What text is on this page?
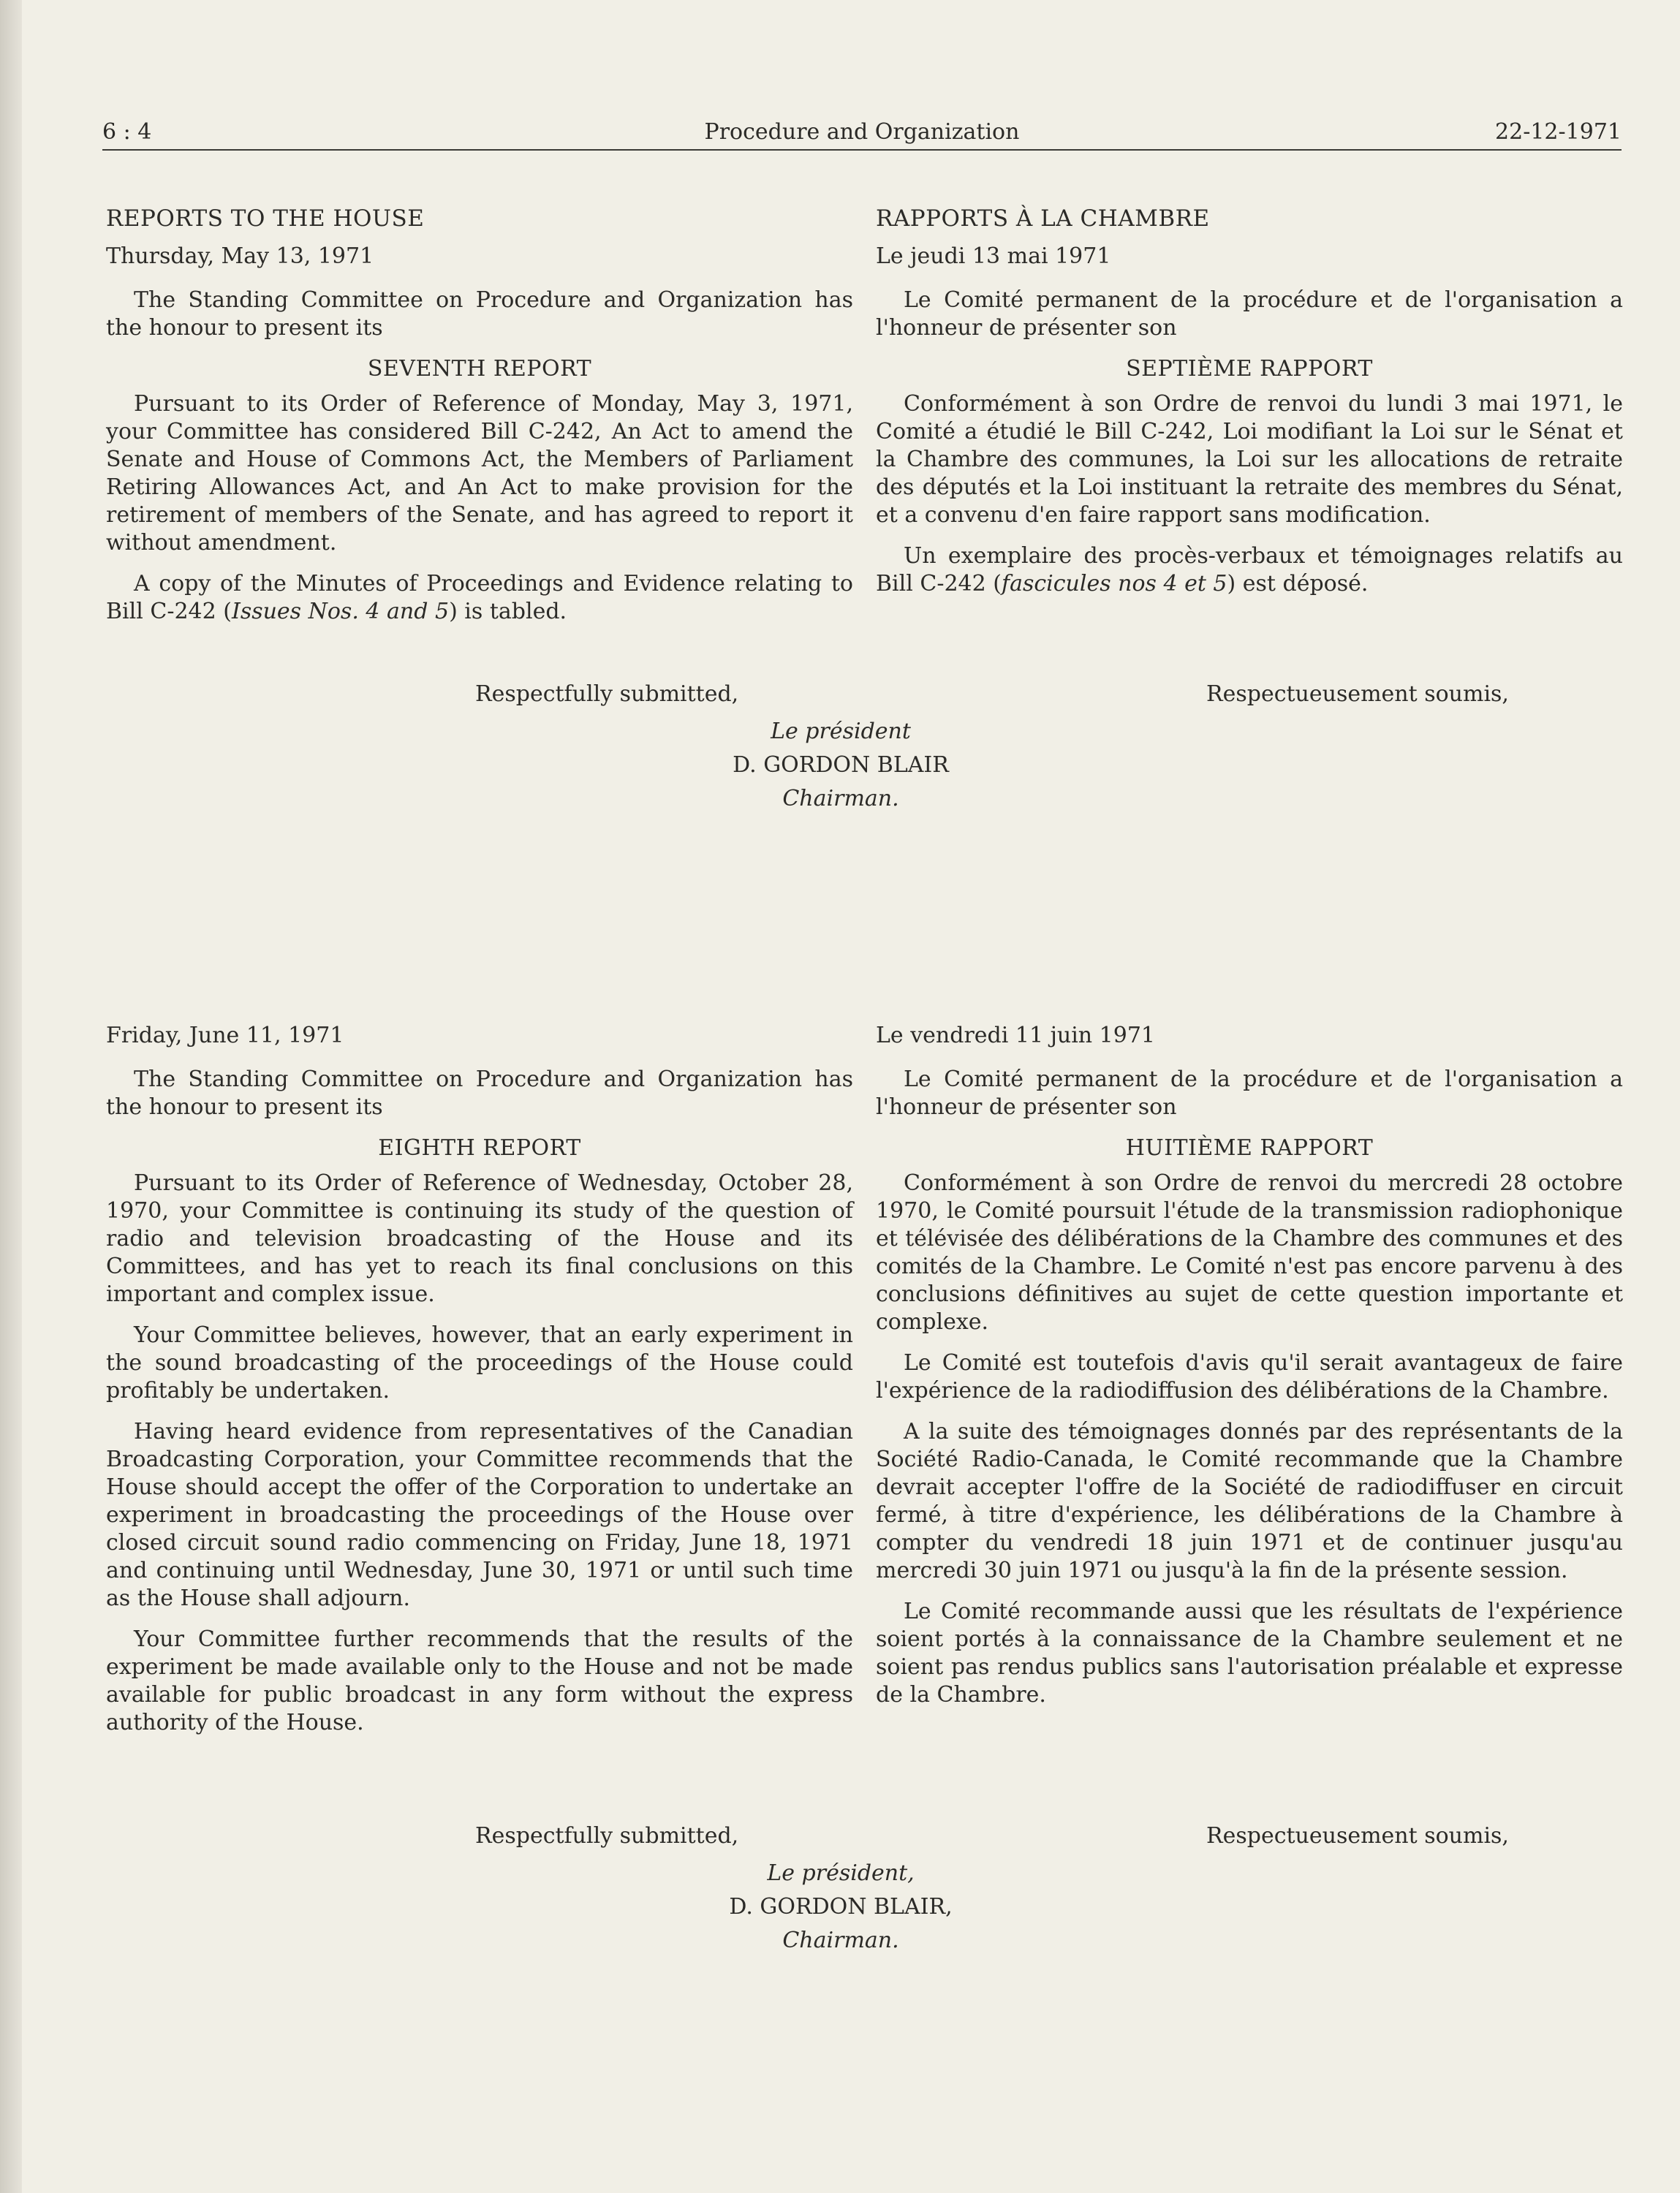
6 : 4	Procedure and Organization	22-12-1971
REPORTS TO THE HOUSE
Thursday, May 13, 1971

The Standing Committee on Procedure and Organization has the honour to present its

SEVENTH REPORT

Pursuant to its Order of Reference of Monday, May 3, 1971, your Committee has considered Bill C-242, An Act to amend the Senate and House of Commons Act, the Members of Parliament Retiring Allowances Act, and An Act to make provision for the retirement of members of the Senate, and has agreed to report it without amendment.

A copy of the Minutes of Proceedings and Evidence relating to Bill C-242 (Issues Nos. 4 and 5) is tabled.

Respectfully submitted,
RAPPORTS À LA CHAMBRE
Le jeudi 13 mai 1971

Le Comité permanent de la procédure et de l'organisation a l'honneur de présenter son

SEPTIÈME RAPPORT

Conformément à son Ordre de renvoi du lundi 3 mai 1971, le Comité a étudié le Bill C-242, Loi modifiant la Loi sur le Sénat et la Chambre des communes, la Loi sur les allocations de retraite des députés et la Loi instituant la retraite des membres du Sénat, et a convenu d'en faire rapport sans modification.

Un exemplaire des procès-verbaux et témoignages relatifs au Bill C-242 (fascicules nos 4 et 5) est déposé.

Respectueusement soumis,
Le président
D. GORDON BLAIR
Chairman.
Friday, June 11, 1971

The Standing Committee on Procedure and Organization has the honour to present its

EIGHTH REPORT

Pursuant to its Order of Reference of Wednesday, October 28, 1970, your Committee is continuing its study of the question of radio and television broadcasting of the House and its Committees, and has yet to reach its final conclusions on this important and complex issue.

Your Committee believes, however, that an early experiment in the sound broadcasting of the proceedings of the House could profitably be undertaken.

Having heard evidence from representatives of the Canadian Broadcasting Corporation, your Committee recommends that the House should accept the offer of the Corporation to undertake an experiment in broadcasting the proceedings of the House over closed circuit sound radio commencing on Friday, June 18, 1971 and continuing until Wednesday, June 30, 1971 or until such time as the House shall adjourn.

Your Committee further recommends that the results of the experiment be made available only to the House and not be made available for public broadcast in any form without the express authority of the House.

Respectfully submitted,
Le vendredi 11 juin 1971

Le Comité permanent de la procédure et de l'organisation a l'honneur de présenter son

HUITIÈME RAPPORT

Conformément à son Ordre de renvoi du mercredi 28 octobre 1970, le Comité poursuit l'étude de la transmission radiophonique et télévisée des délibérations de la Chambre des communes et des comités de la Chambre. Le Comité n'est pas encore parvenu à des conclusions définitives au sujet de cette question importante et complexe.

Le Comité est toutefois d'avis qu'il serait avantageux de faire l'expérience de la radiodiffusion des délibérations de la Chambre.

A la suite des témoignages donnés par des représentants de la Société Radio-Canada, le Comité recommande que la Chambre devrait accepter l'offre de la Société de radiodiffuser en circuit fermé, à titre d'expérience, les délibérations de la Chambre à compter du vendredi 18 juin 1971 et de continuer jusqu'au mercredi 30 juin 1971 ou jusqu'à la fin de la présente session.

Le Comité recommande aussi que les résultats de l'expérience soient portés à la connaissance de la Chambre seulement et ne soient pas rendus publics sans l'autorisation préalable et expresse de la Chambre.

Respectueusement soumis,
Le président,
D. GORDON BLAIR,
Chairman.
